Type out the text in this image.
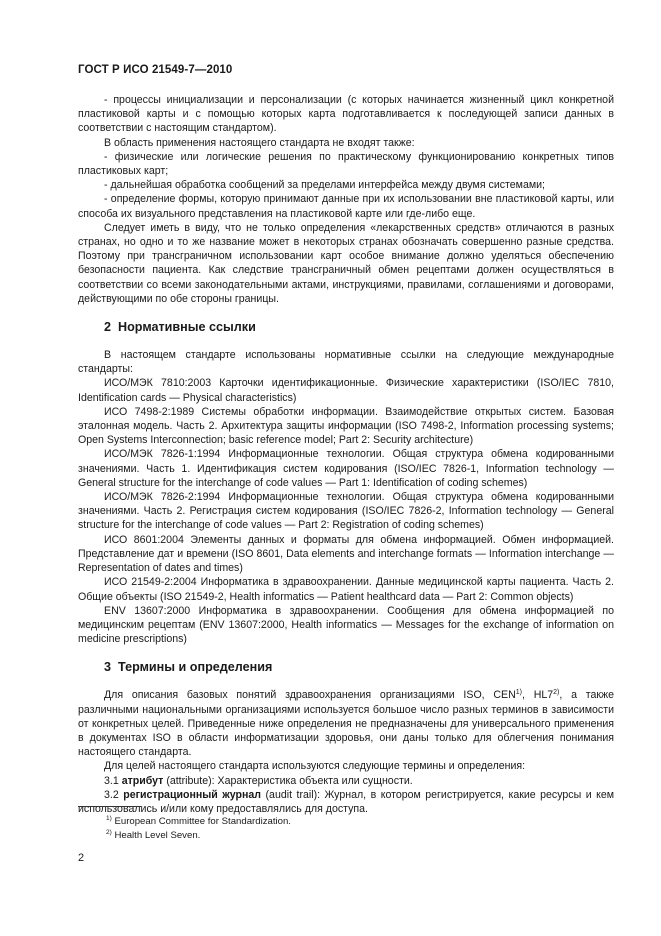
ГОСТ Р ИСО 21549-7—2010

- процессы инициализации и персонализации (с которых начинается жизненный цикл конкретной пластиковой карты и с помощью которых карта подготавливается к последующей записи данных в соответствии с настоящим стандартом).

В область применения настоящего стандарта не входят также:

- физические или логические решения по практическому функционированию конкретных типов пластиковых карт;

- дальнейшая обработка сообщений за пределами интерфейса между двумя системами;

- определение формы, которую принимают данные при их использовании вне пластиковой карты, или способа их визуального представления на пластиковой карте или где-либо еще.

Следует иметь в виду, что не только определения «лекарственных средств» отличаются в разных странах, но одно и то же название может в некоторых странах обозначать совершенно разные средства. Поэтому при трансграничном использовании карт особое внимание должно уделяться обеспечению безопасности пациента. Как следствие трансграничный обмен рецептами должен осуществляться в соответствии со всеми законодательными актами, инструкциями, правилами, соглашениями и договорами, действующими по обе стороны границы.

2 Нормативные ссылки

В настоящем стандарте использованы нормативные ссылки на следующие международные стандарты:

ИСО/МЭК 7810:2003 Карточки идентификационные. Физические характеристики (ISO/IEC 7810, Identification cards — Physical characteristics)

ИСО 7498-2:1989 Системы обработки информации. Взаимодействие открытых систем. Базовая эталонная модель. Часть 2. Архитектура защиты информации (ISO 7498-2, Information processing systems; Open Systems Interconnection; basic reference model; Part 2: Security architecture)

ИСО/МЭК 7826-1:1994 Информационные технологии. Общая структура обмена кодированными значениями. Часть 1. Идентификация систем кодирования (ISO/IEC 7826-1, Information technology — General structure for the interchange of code values — Part 1: Identification of coding schemes)

ИСО/МЭК 7826-2:1994 Информационные технологии. Общая структура обмена кодированными значениями. Часть 2. Регистрация систем кодирования (ISO/IEC 7826-2, Information technology — General structure for the interchange of code values — Part 2: Registration of coding schemes)

ИСО 8601:2004 Элементы данных и форматы для обмена информацией. Обмен информацией. Представление дат и времени (ISO 8601, Data elements and interchange formats — Information interchange — Representation of dates and times)

ИСО 21549-2:2004 Информатика в здравоохранении. Данные медицинской карты пациента. Часть 2. Общие объекты (ISO 21549-2, Health informatics — Patient healthcard data — Part 2: Common objects)

ENV 13607:2000 Информатика в здравоохранении. Сообщения для обмена информацией по медицинским рецептам (ENV 13607:2000, Health informatics — Messages for the exchange of information on medicine prescriptions)

3 Термины и определения

Для описания базовых понятий здравоохранения организациями ISO, CEN$^{1)}$, HL7$^{2)}$, а также различными национальными организациями используется большое число разных терминов в зависимости от конкретных целей. Приведенные ниже определения не предназначены для универсального применения в документах ISO в области информатизации здоровья, они даны только для облегчения понимания настоящего стандарта.

Для целей настоящего стандарта используются следующие термины и определения:

3.1 атрибут (attribute): Характеристика объекта или сущности.

3.2 регистрационный журнал (audit trail): Журнал, в котором регистрируется, какие ресурсы и кем использовались и/или кому предоставлялись для доступа.

$^{1)}$ European Committee for Standardization.
$^{2)}$ Health Level Seven.
2
